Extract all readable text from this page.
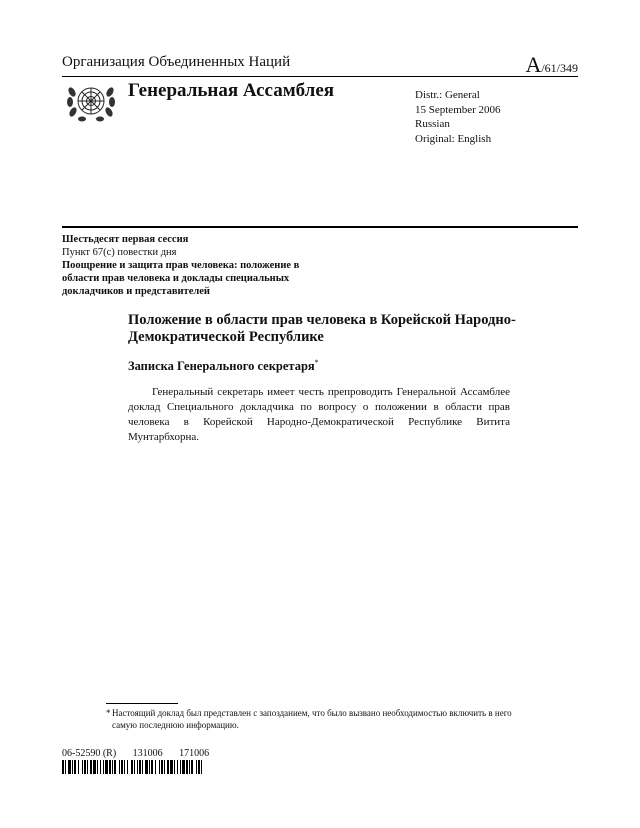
Организация Объединенных Наций	A/61/349
Генеральная Ассамблея	Distr.: General
15 September 2006
Russian
Original: English
Шестьдесят первая сессия
Пункт 67(c) повестки дня
Поощрение и защита прав человека: положение в области прав человека и доклады специальных докладчиков и представителей
Положение в области прав человека в Корейской Народно-Демократической Республике
Записка Генерального секретаря*
Генеральный секретарь имеет честь препроводить Генеральной Ассамблее доклад Специального докладчика по вопросу о положении в области прав человека в Корейской Народно-Демократической Республике Витита Мунтарбхорна.
* Настоящий доклад был представлен с запозданием, что было вызвано необходимостью включить в него самую последнюю информацию.
06-52590 (R) 131006 171006
